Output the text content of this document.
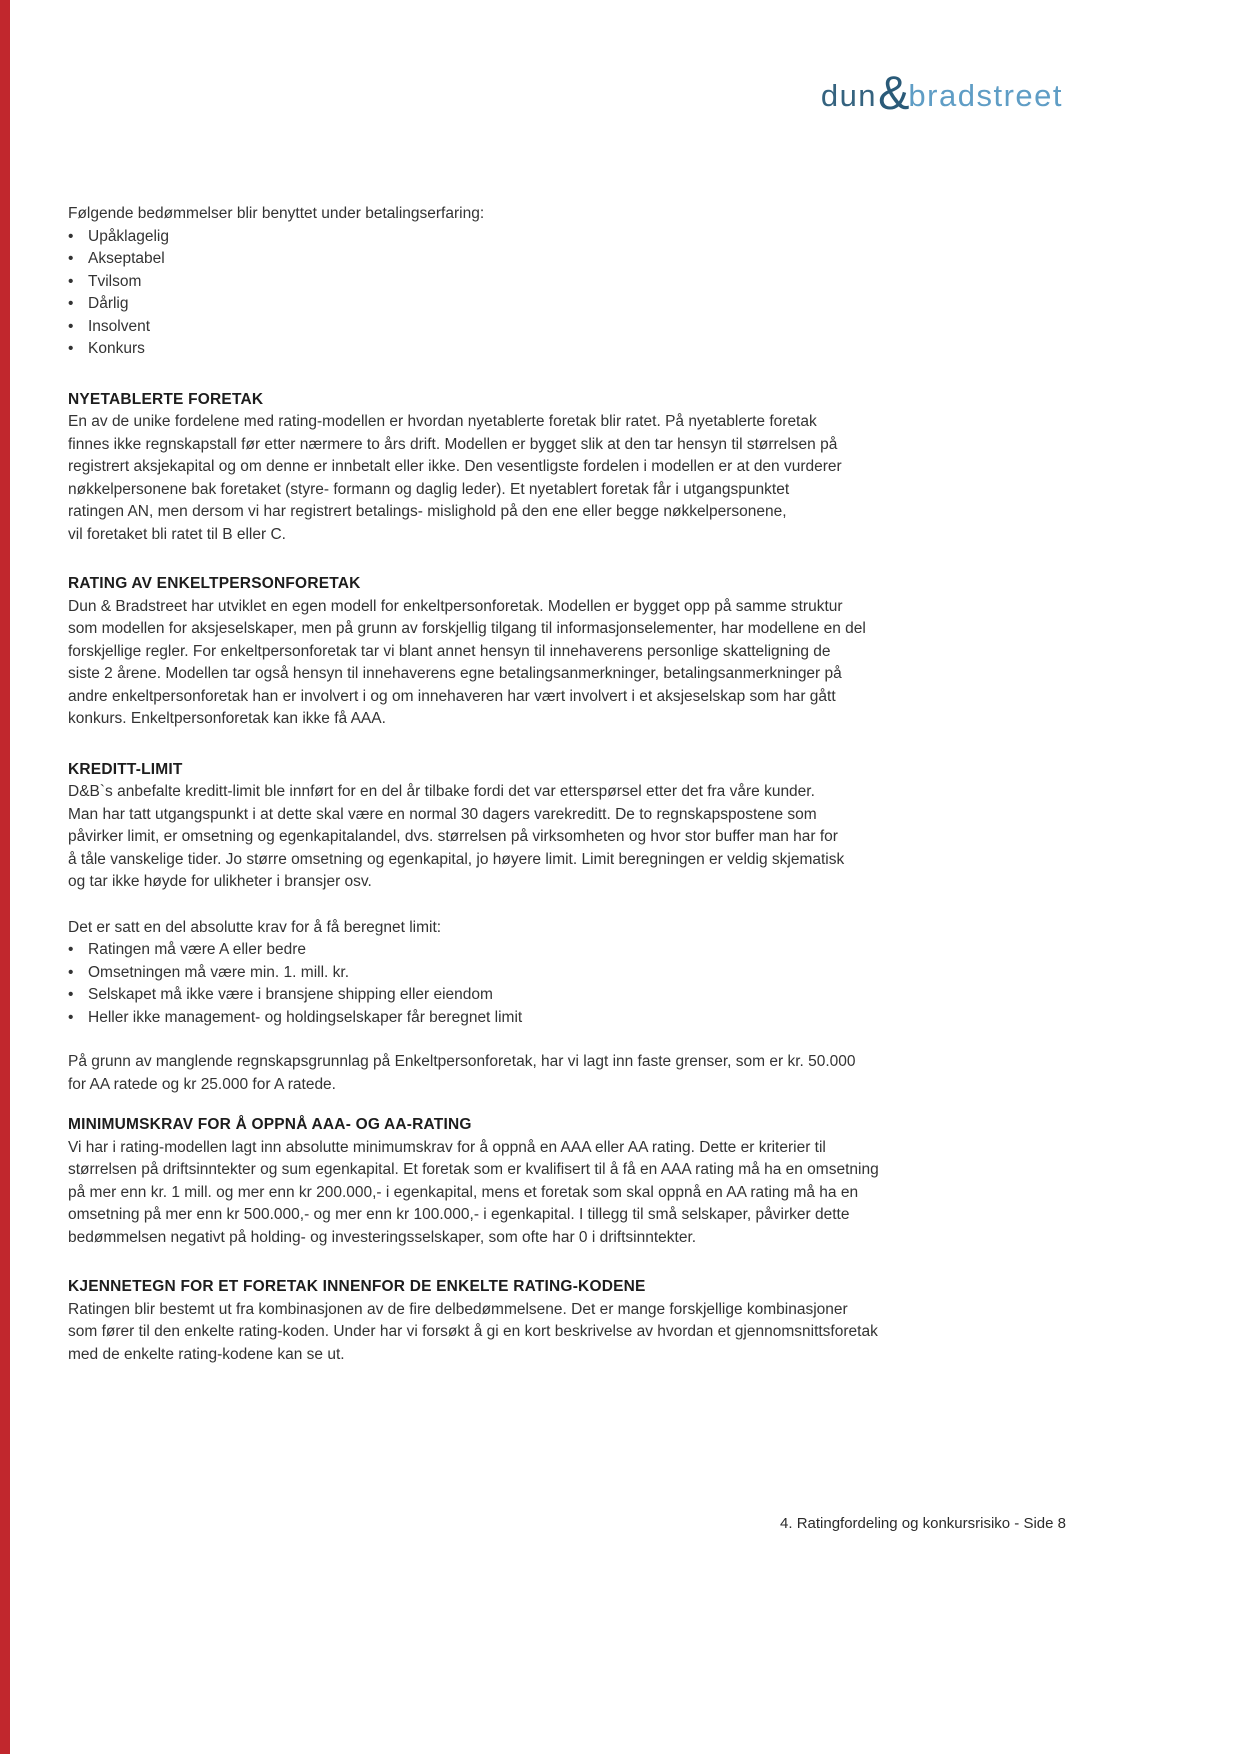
dun & bradstreet
Følgende bedømmelser blir benyttet under betalingserfaring:
• Upåklagelig
• Akseptabel
• Tvilsom
• Dårlig
• Insolvent
• Konkurs
NYETABLERTE FORETAK
En av de unike fordelene med rating-modellen er hvordan nyetablerte foretak blir ratet. På nyetablerte foretak
finnes ikke regnskapstall før etter nærmere to års drift. Modellen er bygget slik at den tar hensyn til størrelsen på
registrert aksjekapital og om denne er innbetalt eller ikke. Den vesentligste fordelen i modellen er at den vurderer
nøkkelpersonene bak foretaket (styre- formann og daglig leder). Et nyetablert foretak får i utgangspunktet
ratingen AN, men dersom vi har registrert betalings- mislighold på den ene eller begge nøkkelpersonene,
vil foretaket bli ratet til B eller C.
RATING AV ENKELTPERSONFORETAK
Dun & Bradstreet har utviklet en egen modell for enkeltpersonforetak. Modellen er bygget opp på samme struktur
som modellen for aksjeselskaper, men på grunn av forskjellig tilgang til informasjonselementer, har modellene en del
forskjellige regler. For enkeltpersonforetak tar vi blant annet hensyn til innehaverens personlige skatteligning de
siste 2 årene. Modellen tar også hensyn til innehaverens egne betalingsanmerkninger, betalingsanmerkninger på
andre enkeltpersonforetak han er involvert i og om innehaveren har vært involvert i et aksjeselskap som har gått
konkurs. Enkeltpersonforetak kan ikke få AAA.
KREDITT-LIMIT
D&B`s anbefalte kreditt-limit ble innført for en del år tilbake fordi det var etterspørsel etter det fra våre kunder.
Man har tatt utgangspunkt i at dette skal være en normal 30 dagers varekreditt. De to regnskapspostene som
påvirker limit, er omsetning og egenkapitalandel, dvs. størrelsen på virksomheten og hvor stor buffer man har for
å tåle vanskelige tider. Jo større omsetning og egenkapital, jo høyere limit. Limit beregningen er veldig skjematisk
og tar ikke høyde for ulikheter i bransjer osv.
Det er satt en del absolutte krav for å få beregnet limit:
• Ratingen må være A eller bedre
• Omsetningen må være min. 1. mill. kr.
• Selskapet må ikke være i bransjene shipping eller eiendom
• Heller ikke management- og holdingselskaper får beregnet limit
På grunn av manglende regnskapsgrunnlag på Enkeltpersonforetak, har vi lagt inn faste grenser, som er kr. 50.000
for AA ratede og kr 25.000 for A ratede.
MINIMUMSKRAV FOR Å OPPNÅ AAA- OG AA-RATING
Vi har i rating-modellen lagt inn absolutte minimumskrav for å oppnå en AAA eller AA rating. Dette er kriterier til
størrelsen på driftsinntekter og sum egenkapital. Et foretak som er kvalifisert til å få en AAA rating må ha en omsetning
på mer enn kr. 1 mill. og mer enn kr 200.000,- i egenkapital, mens et foretak som skal oppnå en AA rating må ha en
omsetning på mer enn kr 500.000,- og mer enn kr 100.000,- i egenkapital. I tillegg til små selskaper, påvirker dette
bedømmelsen negativt på holding- og investeringsselskaper, som ofte har 0 i driftsinntekter.
KJENNETEGN FOR ET FORETAK INNENFOR DE ENKELTE RATING-KODENE
Ratingen blir bestemt ut fra kombinasjonen av de fire delbedømmelsene. Det er mange forskjellige kombinasjoner
som fører til den enkelte rating-koden. Under har vi forsøkt å gi en kort beskrivelse av hvordan et gjennomsnittsforetak
med de enkelte rating-kodene kan se ut.
4. Ratingfordeling og konkursrisiko - Side 8
